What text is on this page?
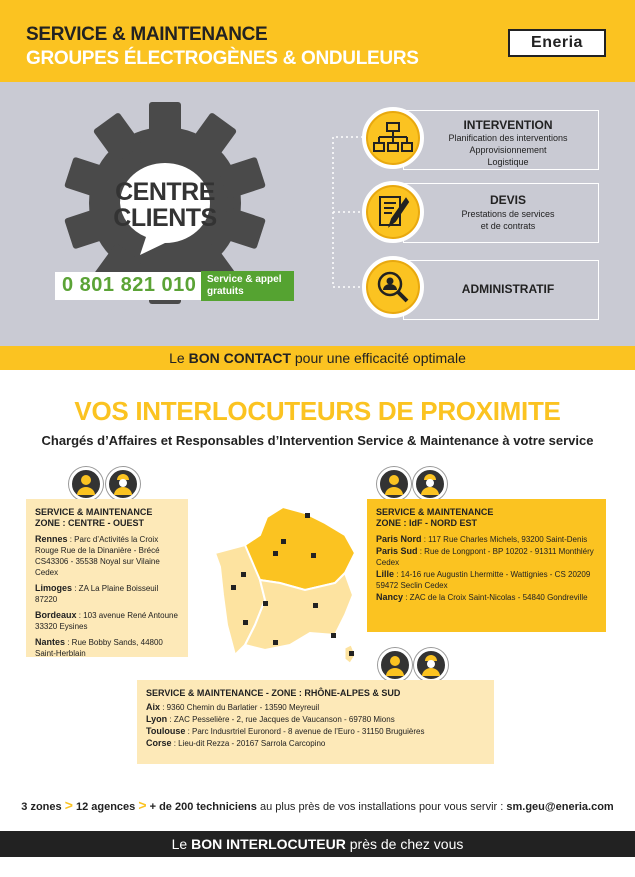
SERVICE & MAINTENANCE
GROUPES ÉLECTROGÈNES & ONDULEURS
Eneria
CENTRE
CLIENTS
0 801 821 010 Service & appel
gratuits
INTERVENTION
Planification des interventions
Approvisionnement
Logistique
DEVIS
Prestations de services
et de contrats
ADMINISTRATIF
Le BON CONTACT pour une efficacité optimale
VOS INTERLOCUTEURS DE PROXIMITE
Chargés d’Affaires et Responsables d’Intervention Service & Maintenance à votre service
SERVICE & MAINTENANCE
ZONE : CENTRE - OUEST
Rennes : Parc d’Activités la Croix Rouge Rue de la Dinanière - Brécé CS43306 - 35538 Noyal sur Vilaine Cedex
Limoges : ZA La Plaine Boisseuil 87220
Bordeaux : 103 avenue René Antoune 33320 Eysines
Nantes : Rue Bobby Sands, 44800 Saint-Herblain
SERVICE & MAINTENANCE
ZONE : IdF - NORD EST
Paris Nord : 117 Rue Charles Michels, 93200 Saint-Denis
Paris Sud : Rue de Longpont - BP 10202 - 91311 Monthléry Cedex
Lille : 14-16 rue Augustin Lhermitte - Wattignies - CS 20209 59472 Seclin Cedex
Nancy : ZAC de la Croix Saint-Nicolas - 54840 Gondreville
SERVICE & MAINTENANCE - ZONE : RHÔNE-ALPES & SUD
Aix : 9360 Chemin du Barlatier - 13590 Meyreuil
Lyon : ZAC Pesselière - 2, rue Jacques de Vaucanson - 69780 Mions
Toulouse : Parc Indusrtriel Euronord - 8 avenue de l’Euro - 31150 Bruguières
Corse : Lieu-dit Rezza - 20167 Sarrola Carcopino
3 zones > 12 agences > + de 200 techniciens au plus près de vos installations pour vous servir : sm.geu@eneria.com
Le BON INTERLOCUTEUR près de chez vous
